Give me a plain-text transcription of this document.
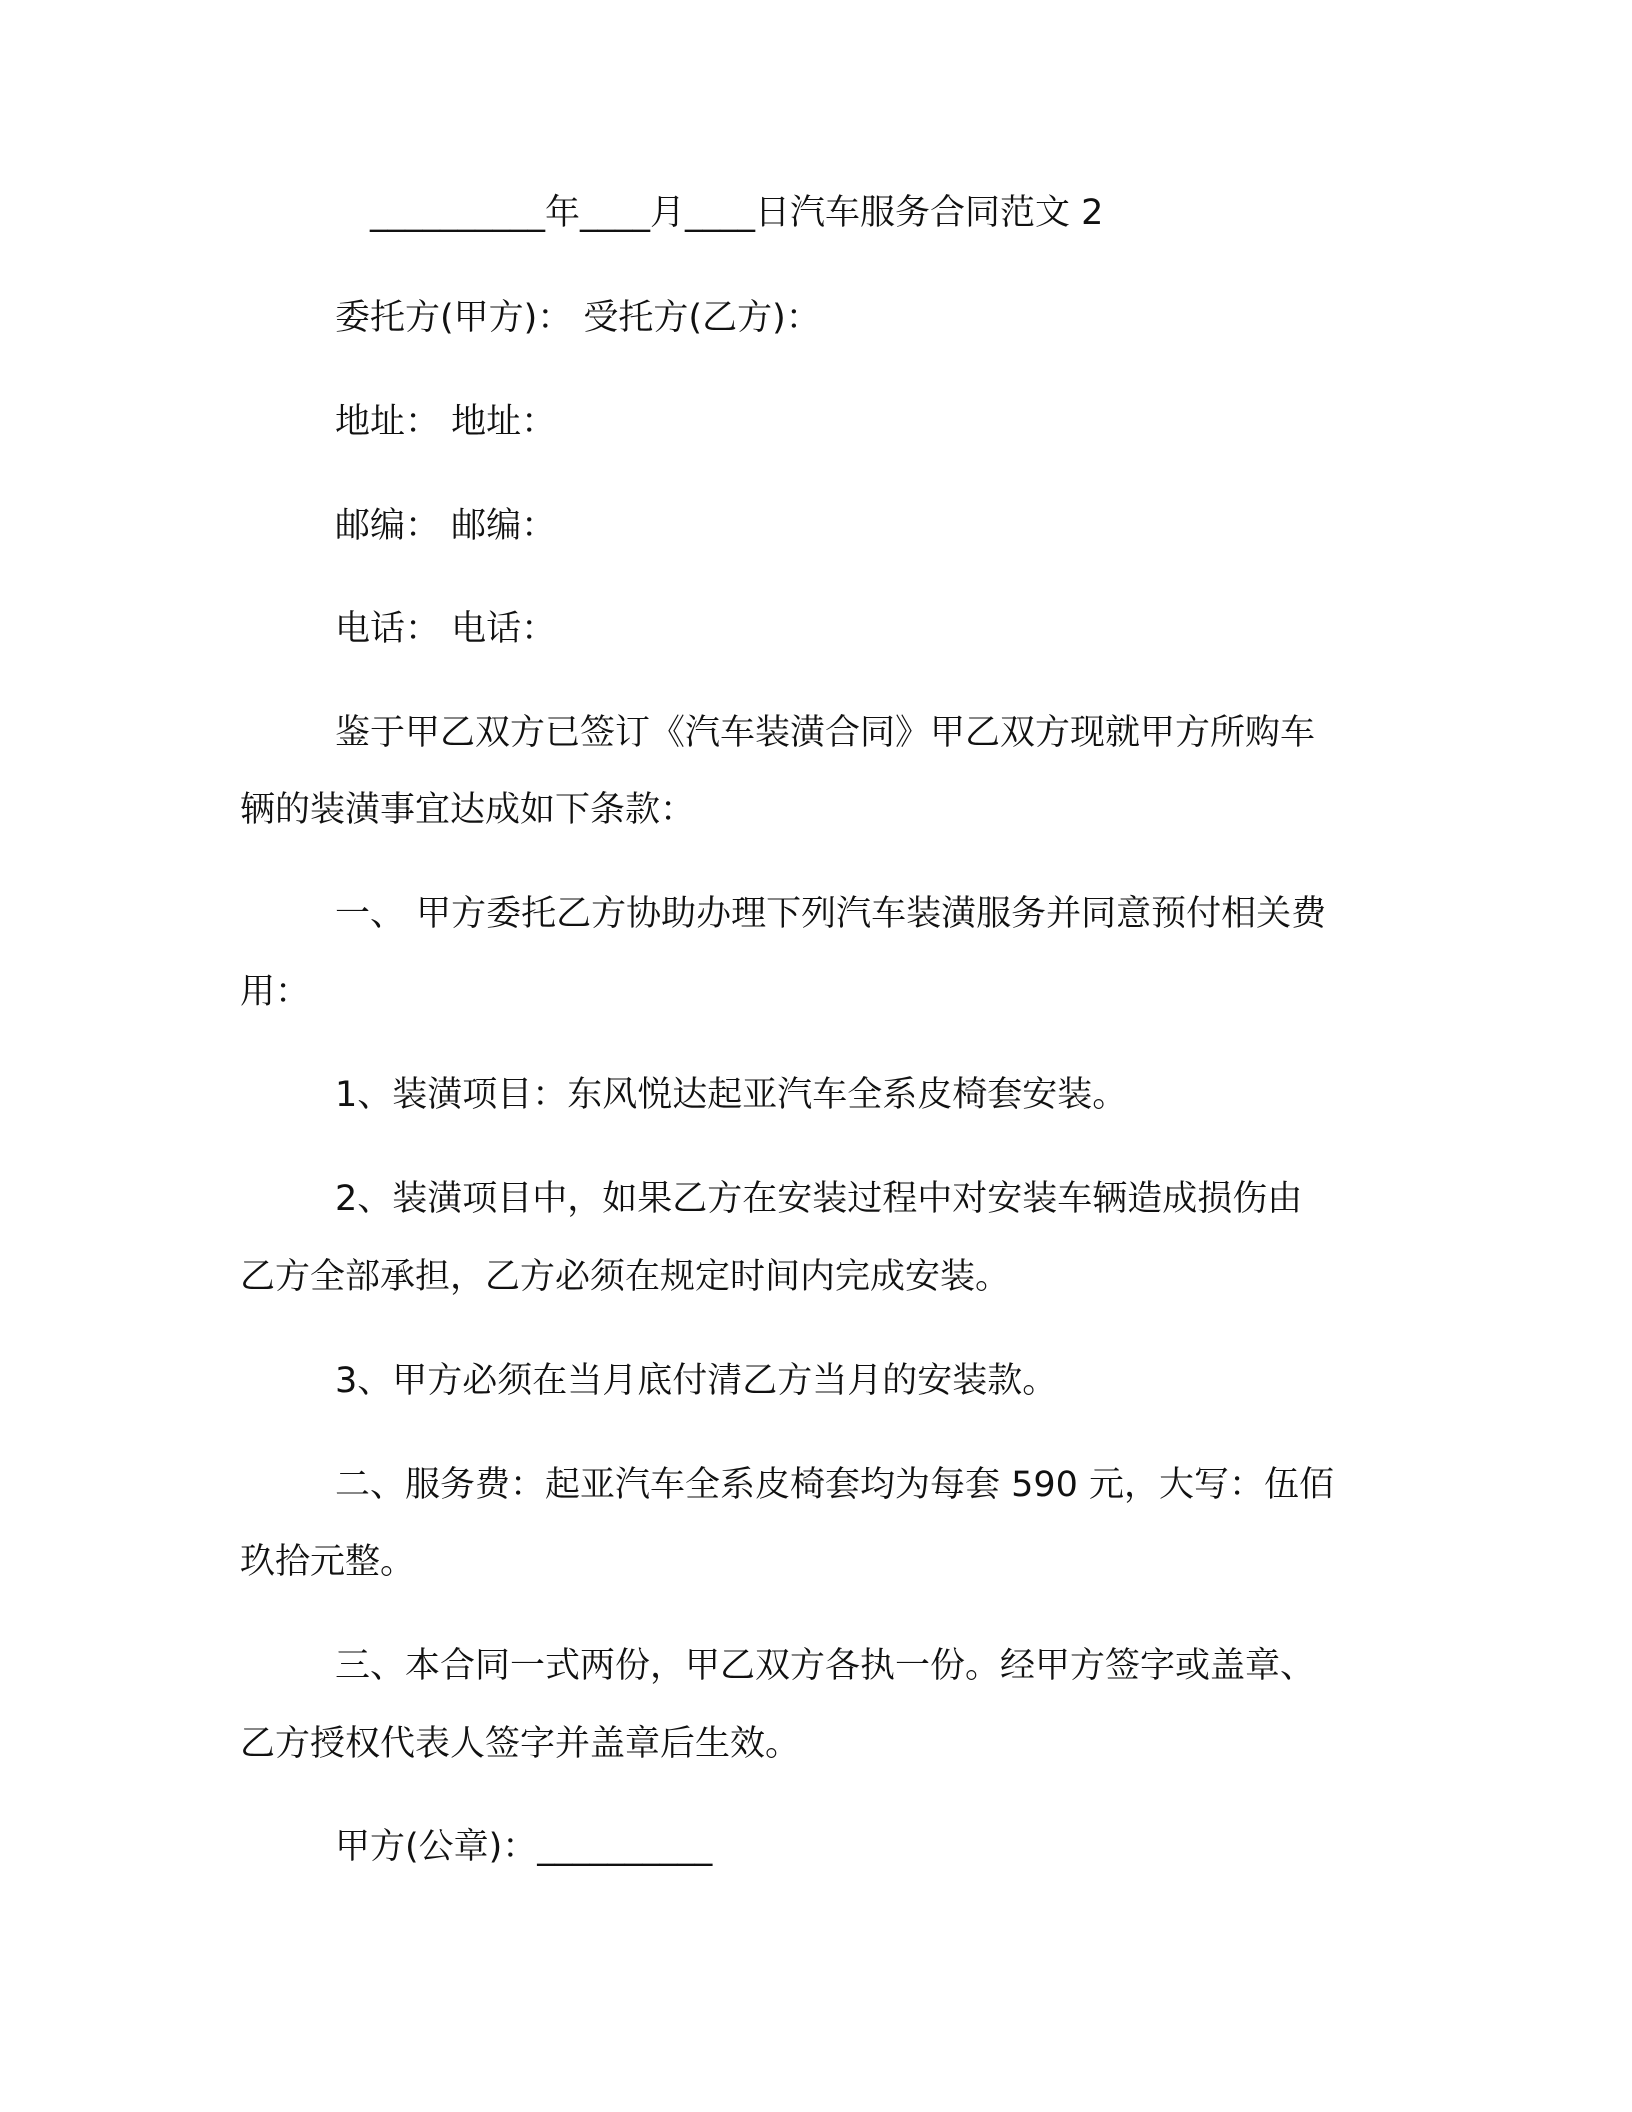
__________年____月____日汽车服务合同范文 2
委托方(甲方)： 受托方(乙方)：
地址： 地址：
邮编： 邮编：
电话： 电话：
鉴于甲乙双方已签订《汽车装潢合同》甲乙双方现就甲方所购车
辆的装潢事宜达成如下条款：
一、 甲方委托乙方协助办理下列汽车装潢服务并同意预付相关费
用：
1、装潢项目：东风悦达起亚汽车全系皮椅套安装。
2、装潢项目中，如果乙方在安装过程中对安装车辆造成损伤由
乙方全部承担，乙方必须在规定时间内完成安装。
3、甲方必须在当月底付清乙方当月的安装款。
二、服务费：起亚汽车全系皮椅套均为每套 590 元，大写：伍佰
玖拾元整。
三、本合同一式两份，甲乙双方各执一份。经甲方签字或盖章、
乙方授权代表人签字并盖章后生效。
甲方(公章)：__________
